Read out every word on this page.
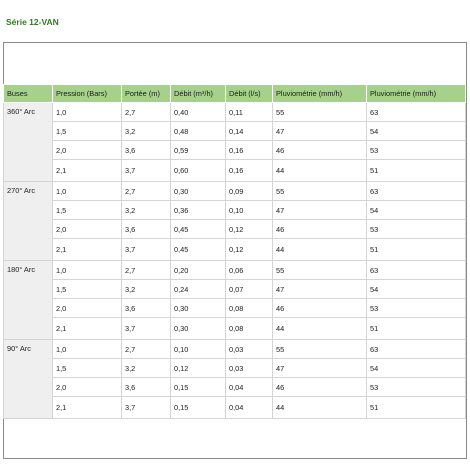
Série 12-VAN
Buses	Pression (Bars)	Portée (m)	Débit (m³/h)	Débit (l/s)	Pluviométrie (mm/h)	Pluviométrie (mm/h)
360° Arc	1,0	2,7	0,40	0,11	55	63
	1,5	3,2	0,48	0,14	47	54
	2,0	3,6	0,59	0,16	46	53
	2,1	3,7	0,60	0,16	44	51
270° Arc	1,0	2,7	0,30	0,09	55	63
	1,5	3,2	0,36	0,10	47	54
	2,0	3,6	0,45	0,12	46	53
	2,1	3,7	0,45	0,12	44	51
180° Arc	1,0	2,7	0,20	0,06	55	63
	1,5	3,2	0,24	0,07	47	54
	2,0	3,6	0,30	0,08	46	53
	2,1	3,7	0,30	0,08	44	51
90° Arc	1,0	2,7	0,10	0,03	55	63
	1,5	3,2	0,12	0,03	47	54
	2,0	3,6	0,15	0,04	46	53
	2,1	3,7	0,15	0,04	44	51
